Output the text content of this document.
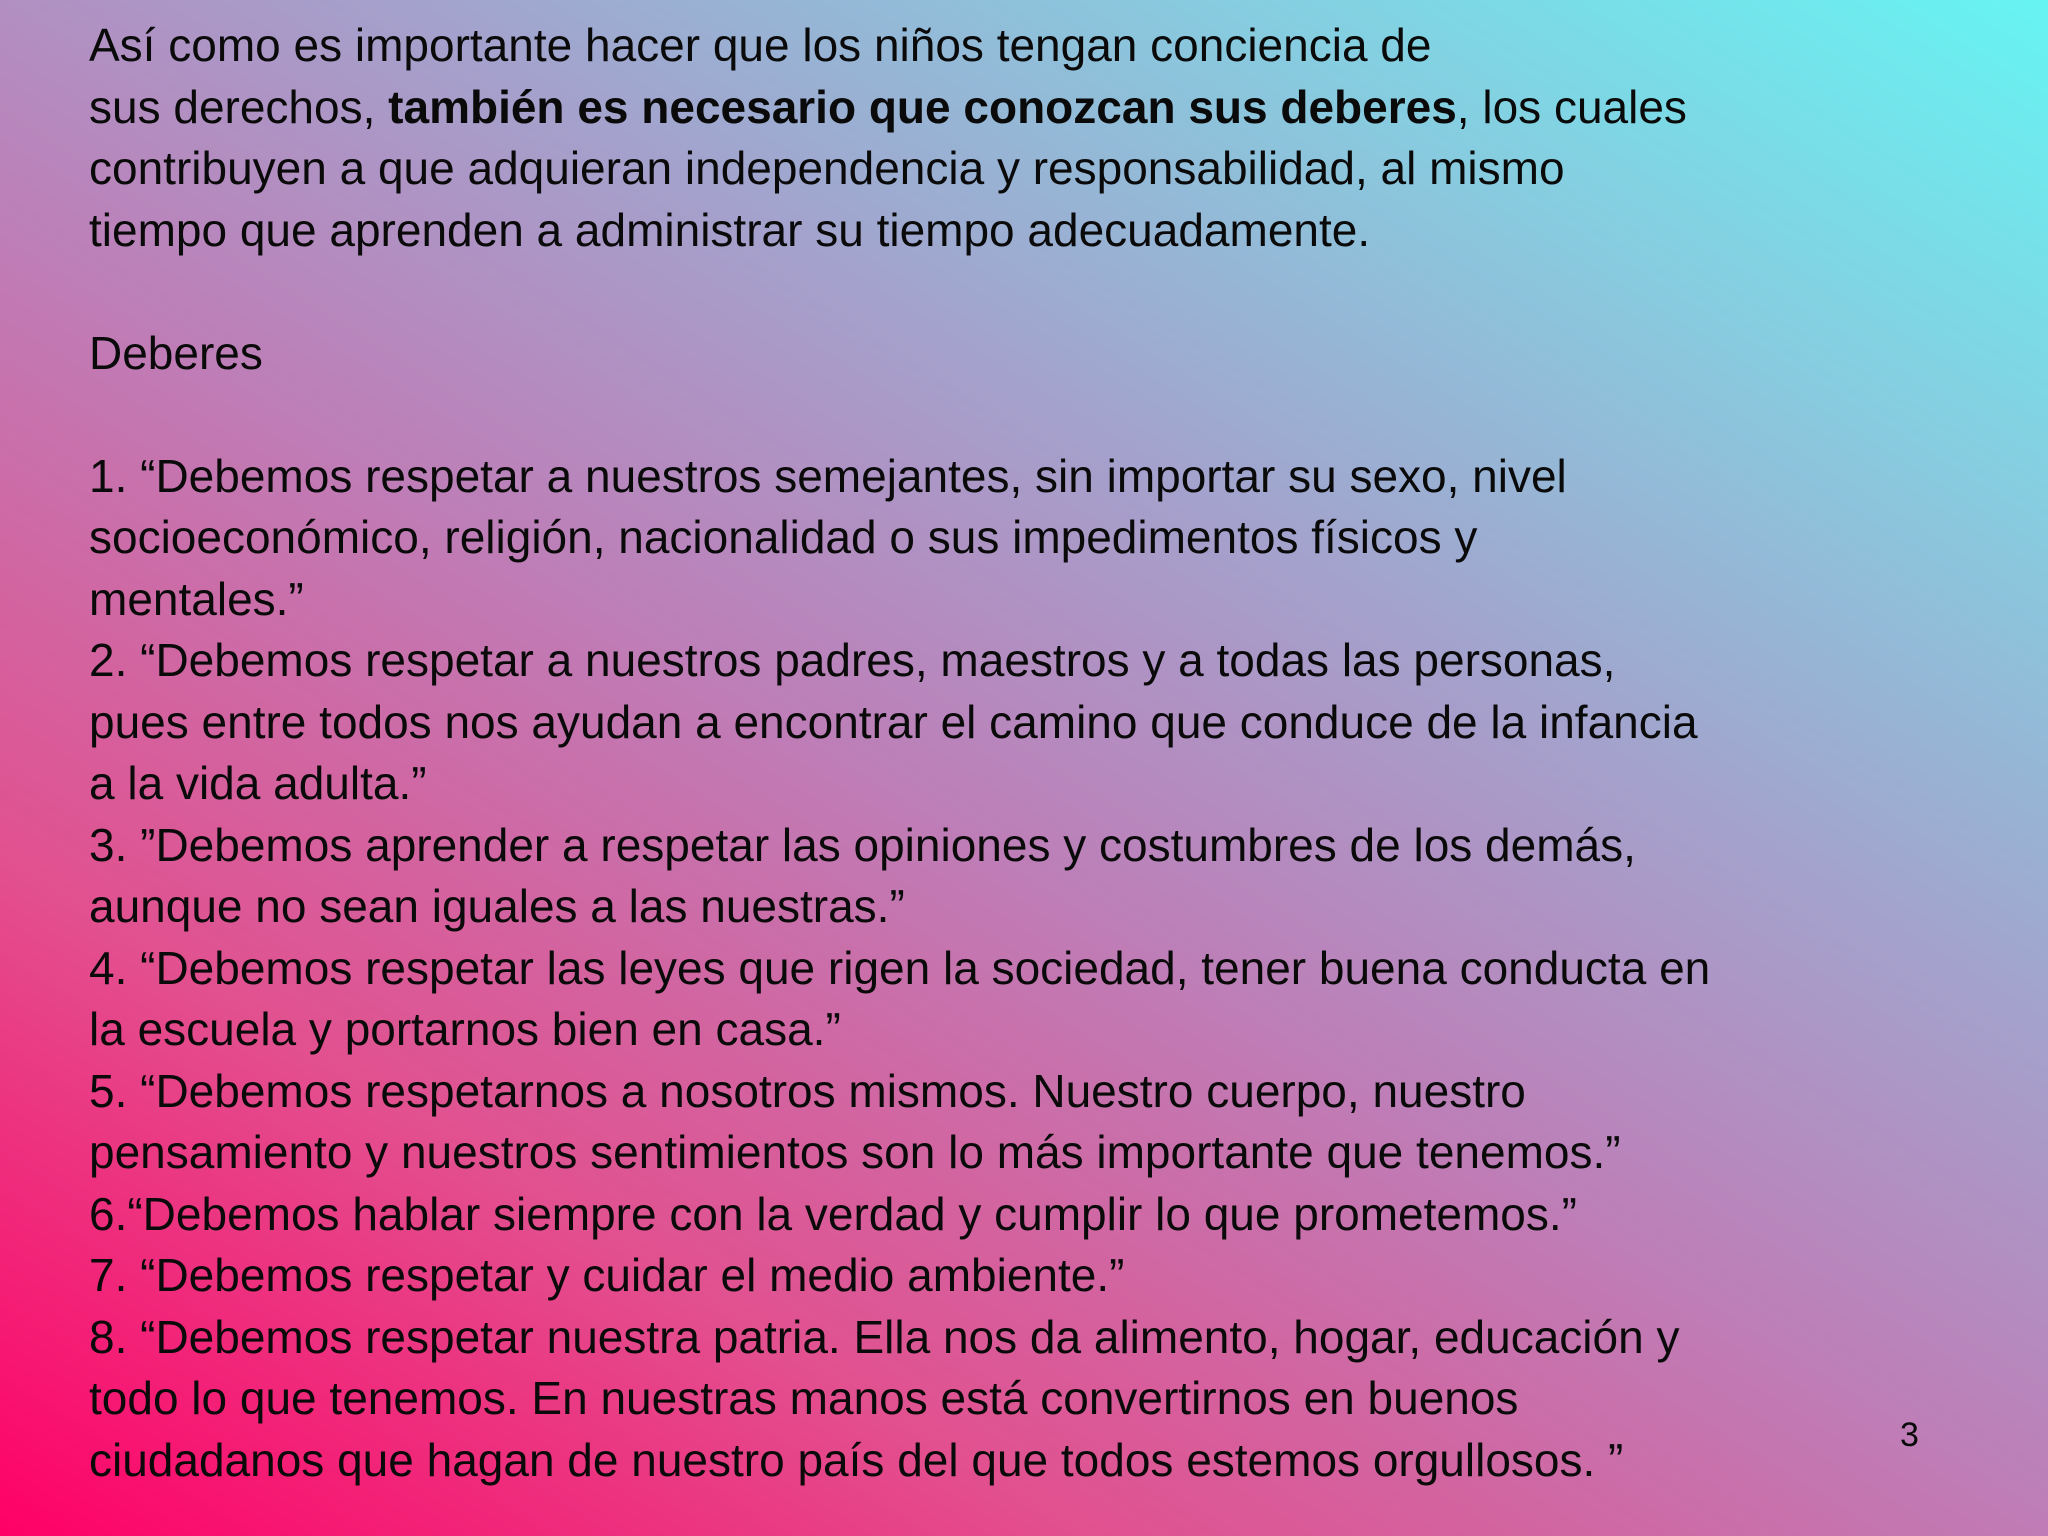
Así como es importante hacer que los niños tengan conciencia de

sus derechos, también es necesario que conozcan sus deberes, los cuales

contribuyen a que adquieran independencia y responsabilidad, al mismo

tiempo que aprenden a administrar su tiempo adecuadamente.

Deberes

1. “Debemos respetar a nuestros semejantes, sin importar su sexo, nivel

socioeconómico, religión, nacionalidad o sus impedimentos físicos y

mentales.”

2. “Debemos respetar a nuestros padres, maestros y a todas las personas,

pues entre todos nos ayudan a encontrar el camino que conduce de la infancia

a la vida adulta.”

3. ”Debemos aprender a respetar las opiniones y costumbres de los demás,

aunque no sean iguales a las nuestras.”

4. “Debemos respetar las leyes que rigen la sociedad, tener buena conducta en

la escuela y portarnos bien en casa.”

5. “Debemos respetarnos a nosotros mismos. Nuestro cuerpo, nuestro

pensamiento y nuestros sentimientos son lo más importante que tenemos.”

6.“Debemos hablar siempre con la verdad y cumplir lo que prometemos.”

7. “Debemos respetar y cuidar el medio ambiente.”

8. “Debemos respetar nuestra patria. Ella nos da alimento, hogar, educación y

todo lo que tenemos. En nuestras manos está convertirnos en buenos

ciudadanos que hagan de nuestro país del que todos estemos orgullosos. ”	3
